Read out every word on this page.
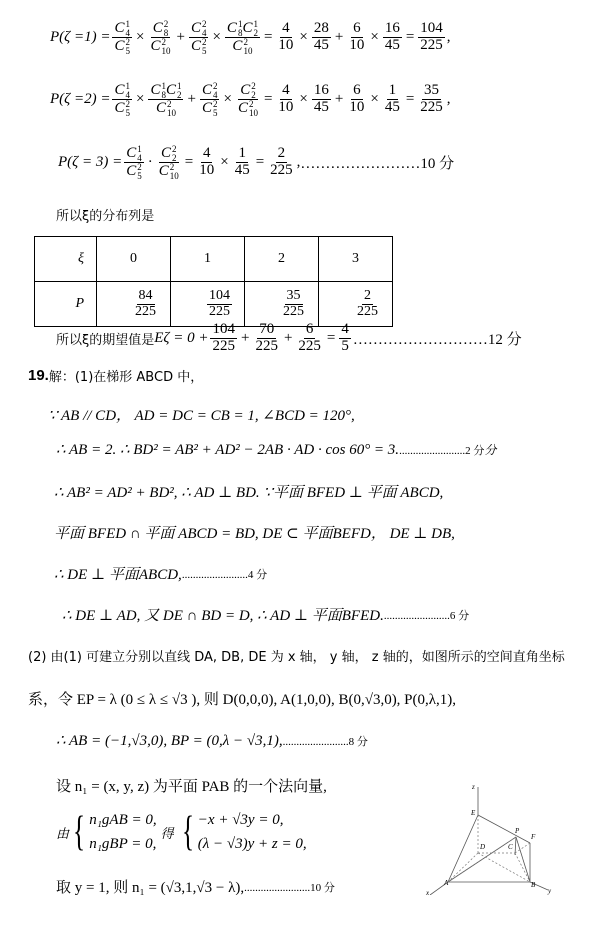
P(ζ =1) = C 1
4
C 2
5 × C 2
8
C 2
10 + C 2
4
C 2
5 × C 1
8 C 1
2
C 2
$10 = \frac{4}{10} \times \frac{28}{45} + \frac{6}{10} \times \frac{16}{45} = \frac{104}{225}$ ,
P(ζ =2) = C 1
4
C 2
5 × C 1
8 C 1
2
C 2
10 + C 2
4
C 2
5 × C 2
2
C 2
$10 = \frac{4}{10} \times \frac{16}{45} + \frac{6}{10} \times \frac{1}{45} = \frac{35}{225}$ ,
P(ζ = 3) = C 1
4
C 2
5 · C 2
2
C 2
$10 = \frac{4}{10} \times \frac{1}{45} = \frac{2}{225}$ , ……………………10 分
所以ξ的分布列是
ξ	0	1	2	3
P	$\frac{84}{225}$	$\frac{104}{225}$	$\frac{35}{225}$	$\frac{2}{225}$
所以ξ的期望值是 $E\zeta = 0 + \frac{104}{225} + \frac{70}{225} + \frac{6}{225} = \frac{4}{5}$ ………………………12 分
19. 解：(1)在梯形 ABCD 中，
∵ AB // CD， AD = DC = CB = 1, ∠BCD = 120°,
∴ AB = 2. ∴ BD² = AB² + AD² − 2AB · AD · cos 60° = 3. ........................2 分 分
∴ AB² = AD² + BD², ∴ AD ⊥ BD. ∵平面 BFED ⊥ 平面 ABCD,
平面 BFED ∩ 平面 ABCD = BD, DE ⊂ 平面BEFD， DE ⊥ DB,
∴ DE ⊥ 平面ABCD, ........................4 分
∴ DE ⊥ AD, 又 DE ∩ BD = D, ∴ AD ⊥ 平面BFED. ........................6 分
(2) 由(1) 可建立分别以直线 DA, DB, DE 为 x 轴， y 轴， z 轴的，如图所示的空间直角坐标
系，令 EP = λ (0 ≤ λ ≤ √3 ), 则 D(0,0,0), A(1,0,0), B(0,√3,0), P(0,λ,1),
∴ AB = (−1,√3,0), BP = (0,λ − √3,1), ........................8 分
设 n₁ = (x, y, z) 为平面 PAB 的一个法向量,
由 { n₁gAB = 0,
n₁gBP = 0,
得 { −x + √3y = 0,
(λ − √3)y + z = 0,
取 y = 1, 则 n₁ = (√3,1,√3 − λ), ........................10 分
z
E
P
F
D	C
A	B
x	y
